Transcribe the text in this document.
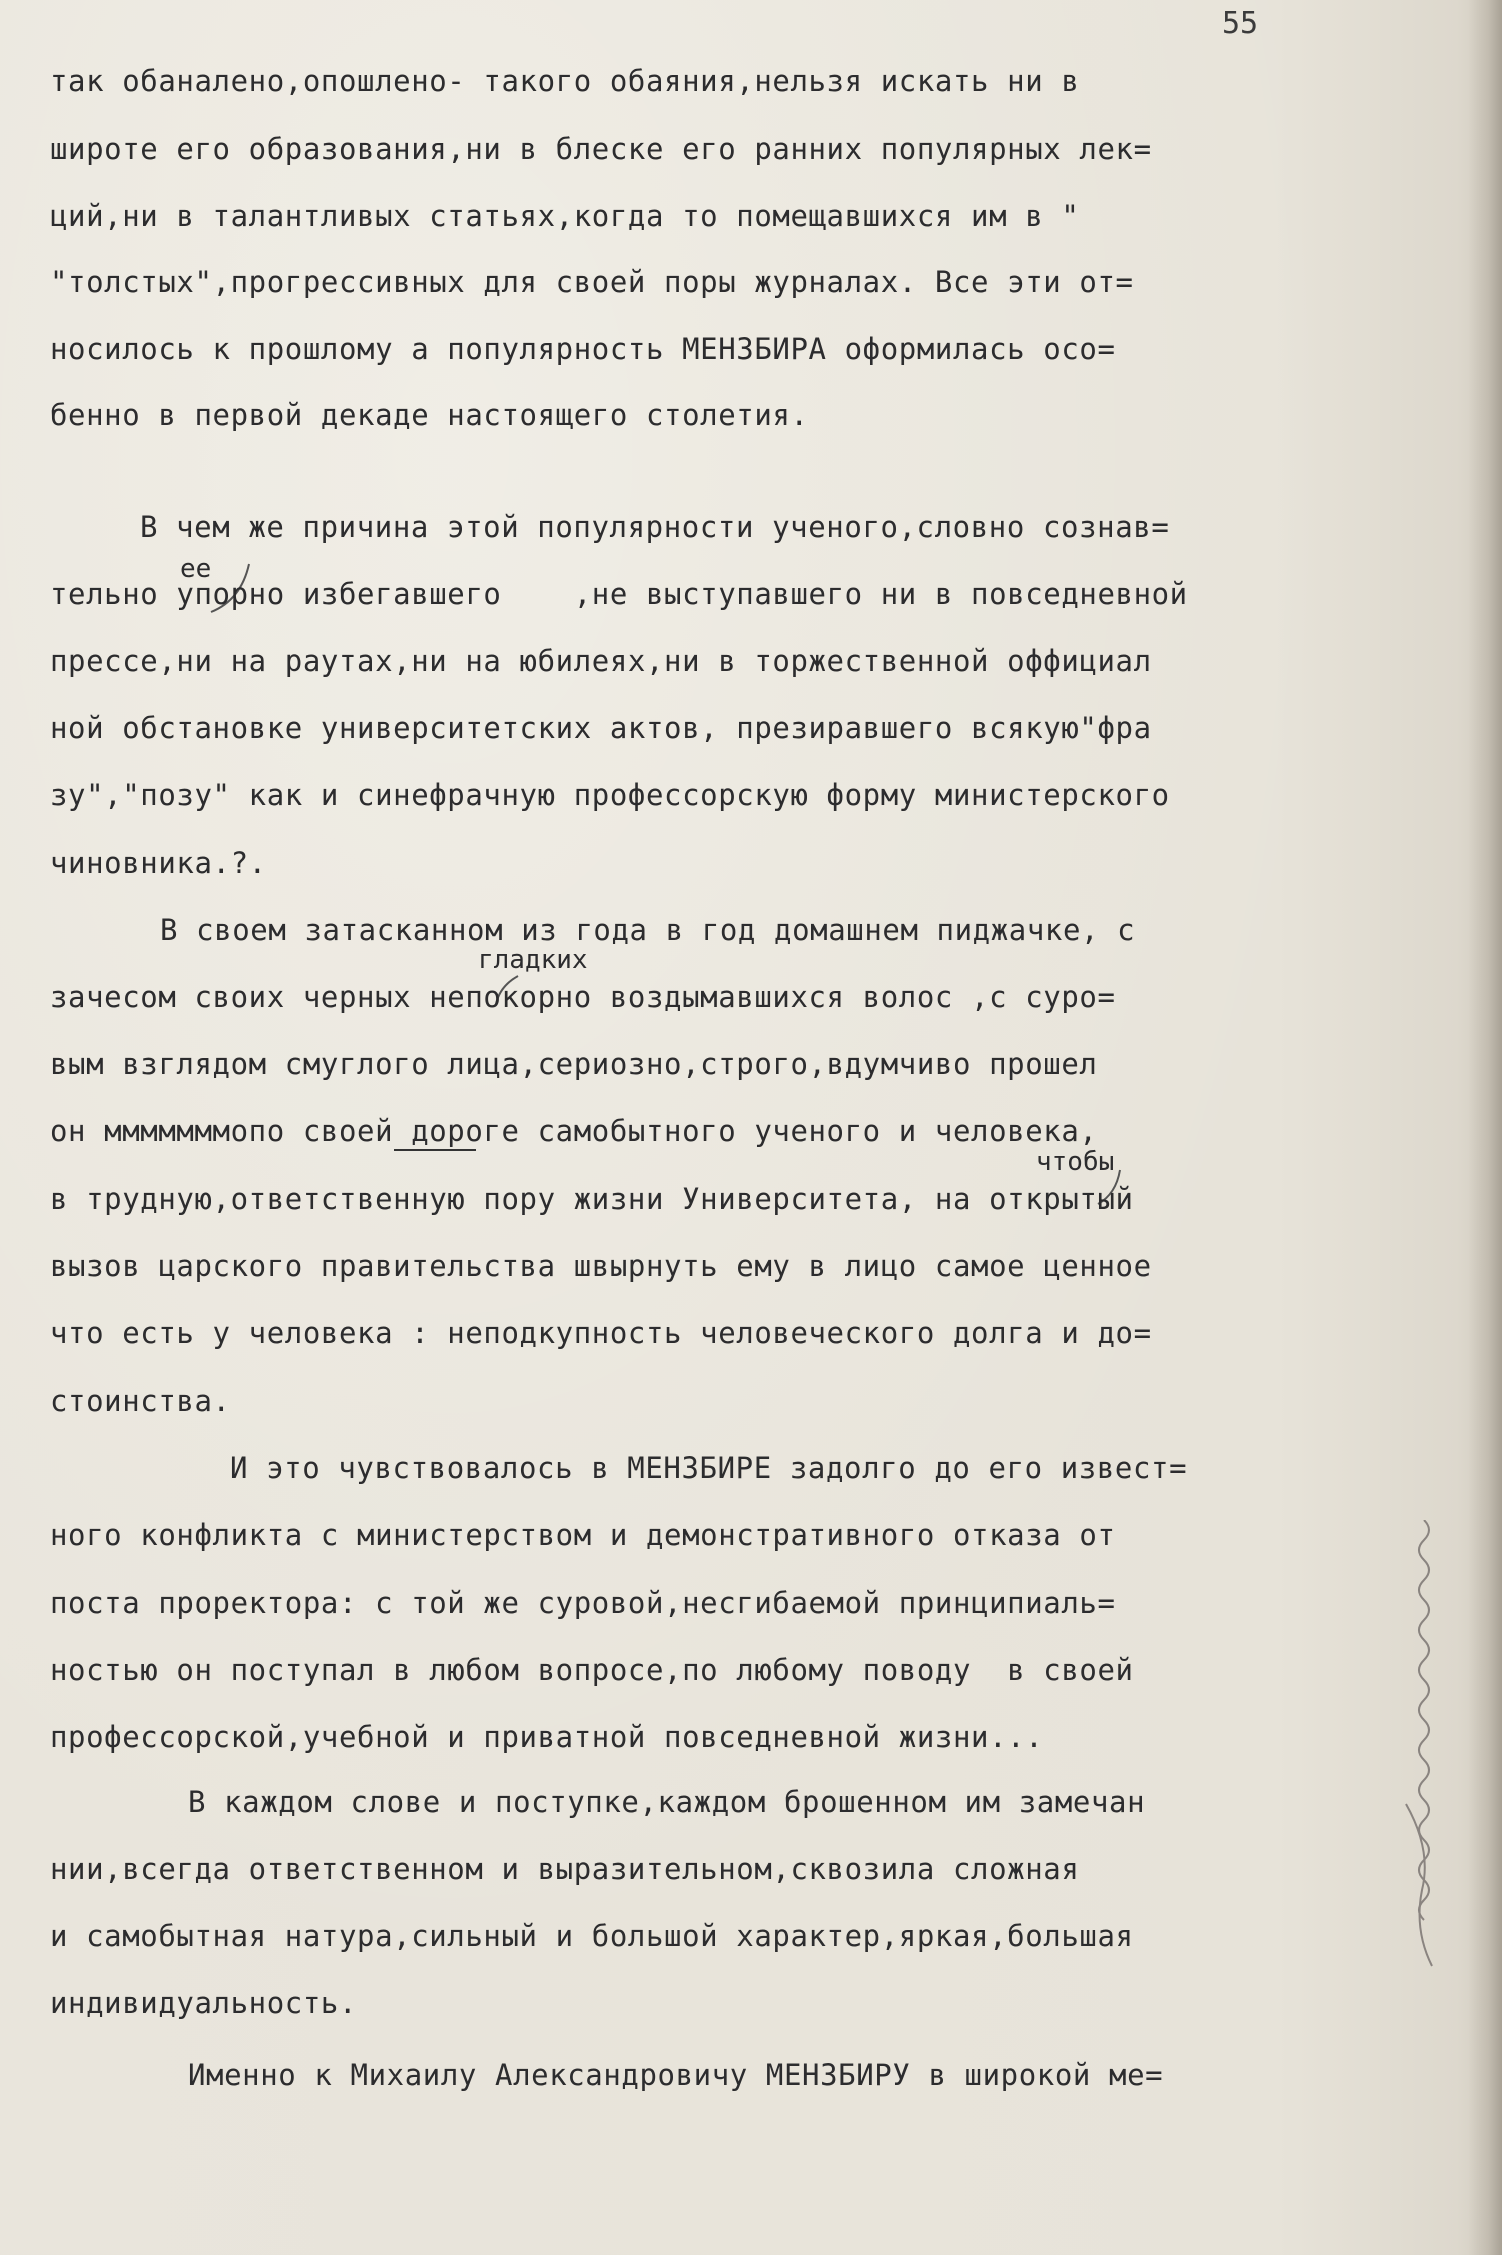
55
так обаналено,опошлено- такого обаяния,нельзя искать ни в
широте его образования,ни в блеске его ранних популярных лек=
ций,ни в талантливых статьях,когда то помещавшихся им в "
"толстых",прогрессивных для своей поры журналах. Все эти от=
носилось к прошлому а популярность МЕНЗБИРА оформилась осо=
бенно в первой декаде настоящего столетия.
ее
В чем же причина этой популярности ученого,словно сознав=
тельно упорно избегавшего    ,не выступавшего ни в повседневной
прессе,ни на раутах,ни на юбилеях,ни в торжественной оффициал
ной обстановке университетских актов, презиравшего всякую"фра
зу","позу" как и синефрачную профессорскую форму министерского
чиновника.?.
В своем затасканном из года в год домашнем пиджачке, с
гладких
зачесом своих черных непокорно воздымавшихся волос ,с суро=
вым взглядом смуглого лица,сериозно,строго,вдумчиво прошел
он мммммммопо своей дороге самобытного ученого и человека,
чтобы
в трудную,ответственную пору жизни Университета, на открытый
вызов царского правительства швырнуть ему в лицо самое ценное
что есть у человека : неподкупность человеческого долга и до=
стоинства.
И это чувствовалось в МЕНЗБИРЕ задолго до его извест=
ного конфликта с министерством и демонстративного отказа от
поста проректора: с той же суровой,несгибаемой принципиаль=
ностью он поступал в любом вопросе,по любому поводу  в своей
профессорской,учебной и приватной повседневной жизни...
В каждом слове и поступке,каждом брошенном им замечан
нии,всегда ответственном и выразительном,сквозила сложная
и самобытная натура,сильный и большой характер,яркая,большая
индивидуальность.
Именно к Михаилу Александровичу МЕНЗБИРУ в широкой ме=
